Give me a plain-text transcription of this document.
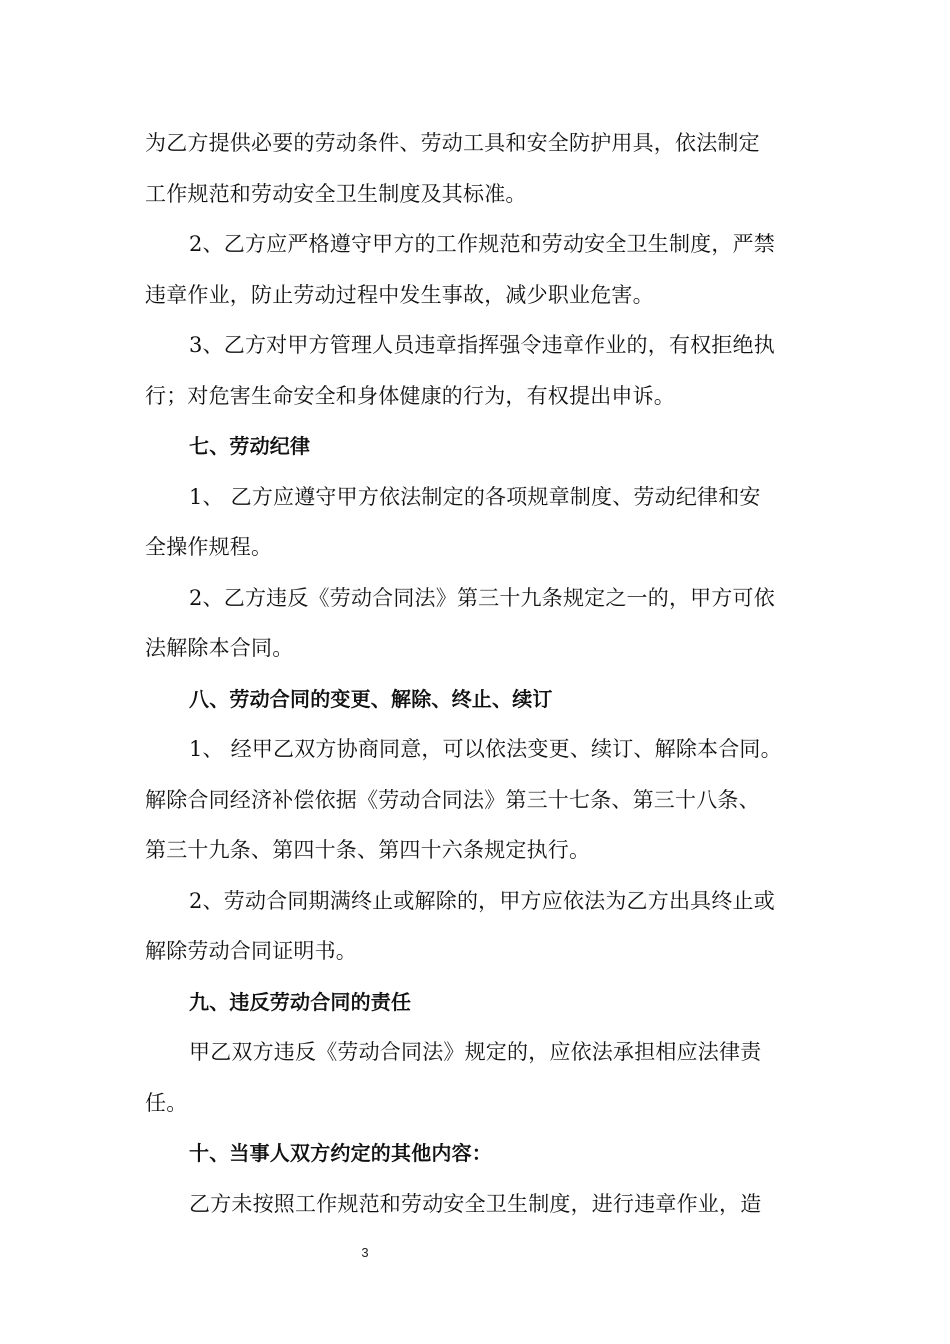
为乙方提供必要的劳动条件、劳动工具和安全防护用具，依法制定
工作规范和劳动安全卫生制度及其标准。
2、乙方应严格遵守甲方的工作规范和劳动安全卫生制度，严禁
违章作业，防止劳动过程中发生事故，减少职业危害。
3、乙方对甲方管理人员违章指挥强令违章作业的，有权拒绝执
行；对危害生命安全和身体健康的行为，有权提出申诉。
七、劳动纪律
1、 乙方应遵守甲方依法制定的各项规章制度、劳动纪律和安
全操作规程。
2、乙方违反《劳动合同法》第三十九条规定之一的，甲方可依
法解除本合同。
八、劳动合同的变更、解除、终止、续订
1、 经甲乙双方协商同意，可以依法变更、续订、解除本合同。
解除合同经济补偿依据《劳动合同法》第三十七条、第三十八条、
第三十九条、第四十条、第四十六条规定执行。
2、劳动合同期满终止或解除的，甲方应依法为乙方出具终止或
解除劳动合同证明书。
九、违反劳动合同的责任
甲乙双方违反《劳动合同法》规定的，应依法承担相应法律责
任。
十、当事人双方约定的其他内容：
乙方未按照工作规范和劳动安全卫生制度，进行违章作业，造
3
